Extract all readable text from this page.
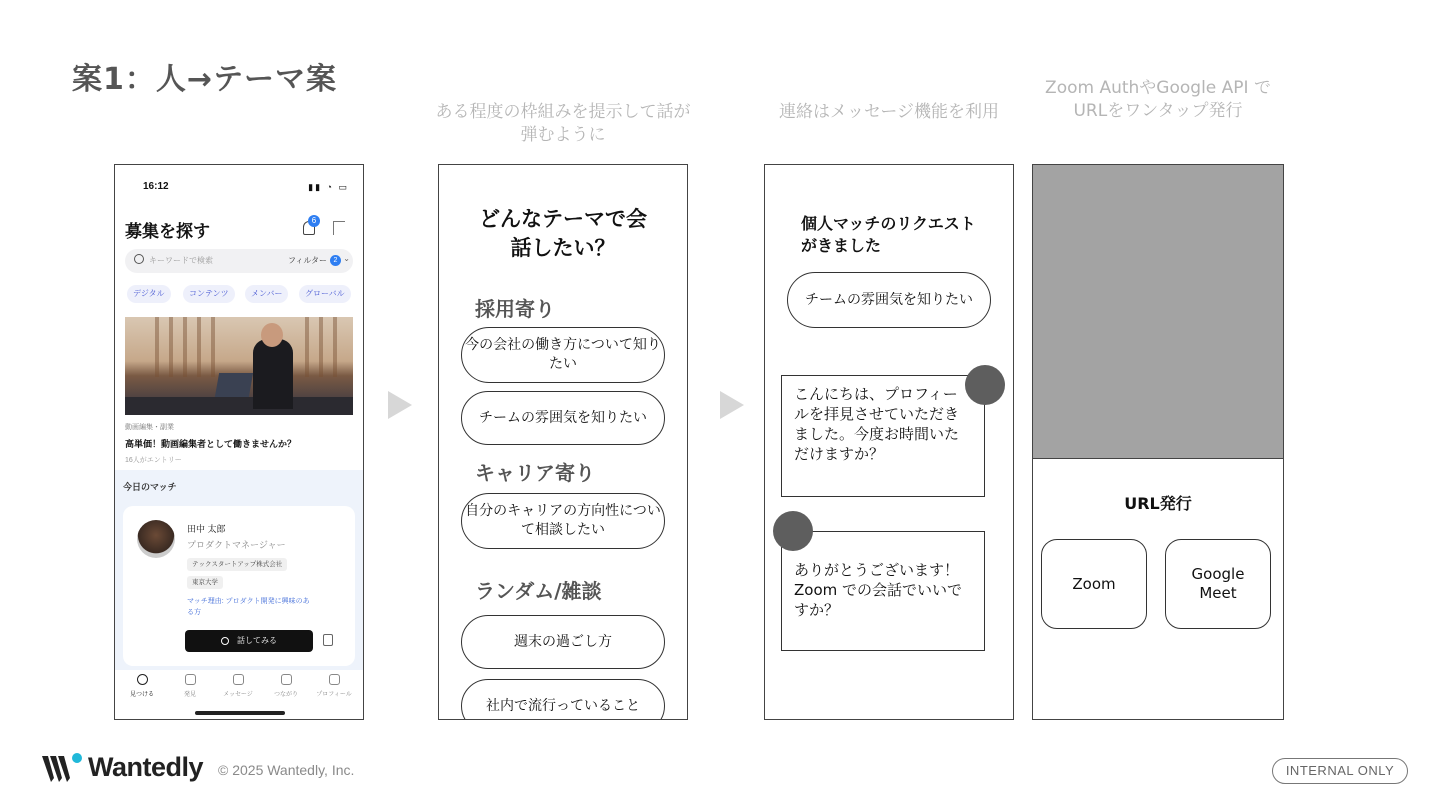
案1：人→テーマ案
ある程度の枠組みを提示して話が弾むように
連絡はメッセージ機能を利用
Zoom AuthやGoogle API でURLをワンタップ発行
16:12	▮▮ ◔ ▭
募集を探す
6
キーワードで検索	フィルター 2 ⌄
デジタル	コンテンツ	メンバー	グローバル
動画編集・副業
高単価！動画編集者として働きませんか？
16人がエントリー
今日のマッチ
田中 太郎
プロダクトマネージャー
テックスタートアップ株式会社
東京大学
マッチ理由: プロダクト開発に興味のある方
話してみる
見つける	発見	メッセージ	つながり	プロフィール
どんなテーマで会話したい？
採用寄り
今の会社の働き方について知りたい
チームの雰囲気を知りたい
キャリア寄り
自分のキャリアの方向性について相談したい
ランダム/雑談
週末の過ごし方
社内で流行っていること
個人マッチのリクエストがきました
チームの雰囲気を知りたい
こんにちは、プロフィールを拝見させていただきました。今度お時間いただけますか？
ありがとうございます！Zoom での会話でいいですか？
URL発行
Zoom
Google Meet
Wantedly © 2025 Wantedly, Inc.	INTERNAL ONLY
